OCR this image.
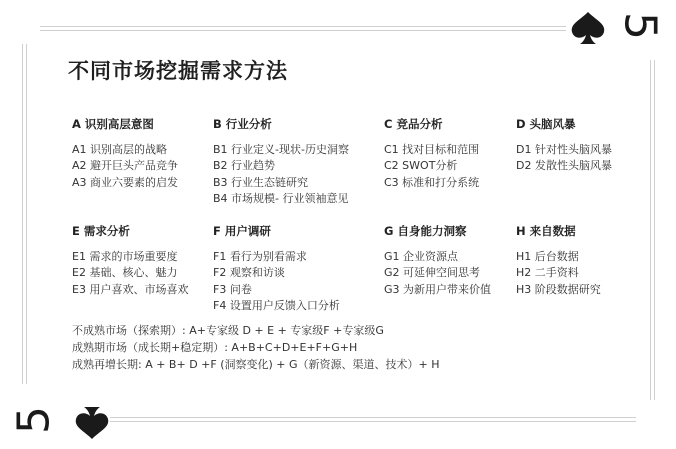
5
5
不同市场挖掘需求方法
A 识别高层意图
A1 识别高层的战略
A2 避开巨头产品竞争
A3 商业六要素的启发
B 行业分析
B1 行业定义-现状-历史洞察
B2 行业趋势
B3 行业生态链研究
B4 市场规模- 行业领袖意见
C 竞品分析
C1 找对目标和范围
C2 SWOT分析
C3 标准和打分系统
D 头脑风暴
D1 针对性头脑风暴
D2 发散性头脑风暴
E 需求分析
E1 需求的市场重要度
E2 基础、核心、魅力
E3 用户喜欢、市场喜欢
F 用户调研
F1 看行为别看需求
F2 观察和访谈
F3 问卷
F4 设置用户反馈入口分析
G 自身能力洞察
G1 企业资源点
G2 可延伸空间思考
G3 为新用户带来价值
H 来自数据
H1 后台数据
H2 二手资料
H3 阶段数据研究
不成熟市场（探索期）: A+专家级 D + E + 专家级F +专家级G
成熟期市场（成长期+稳定期）: A+B+C+D+E+F+G+H
成熟再增长期: A + B+ D +F (洞察变化) + G（新资源、渠道、技术）+ H
